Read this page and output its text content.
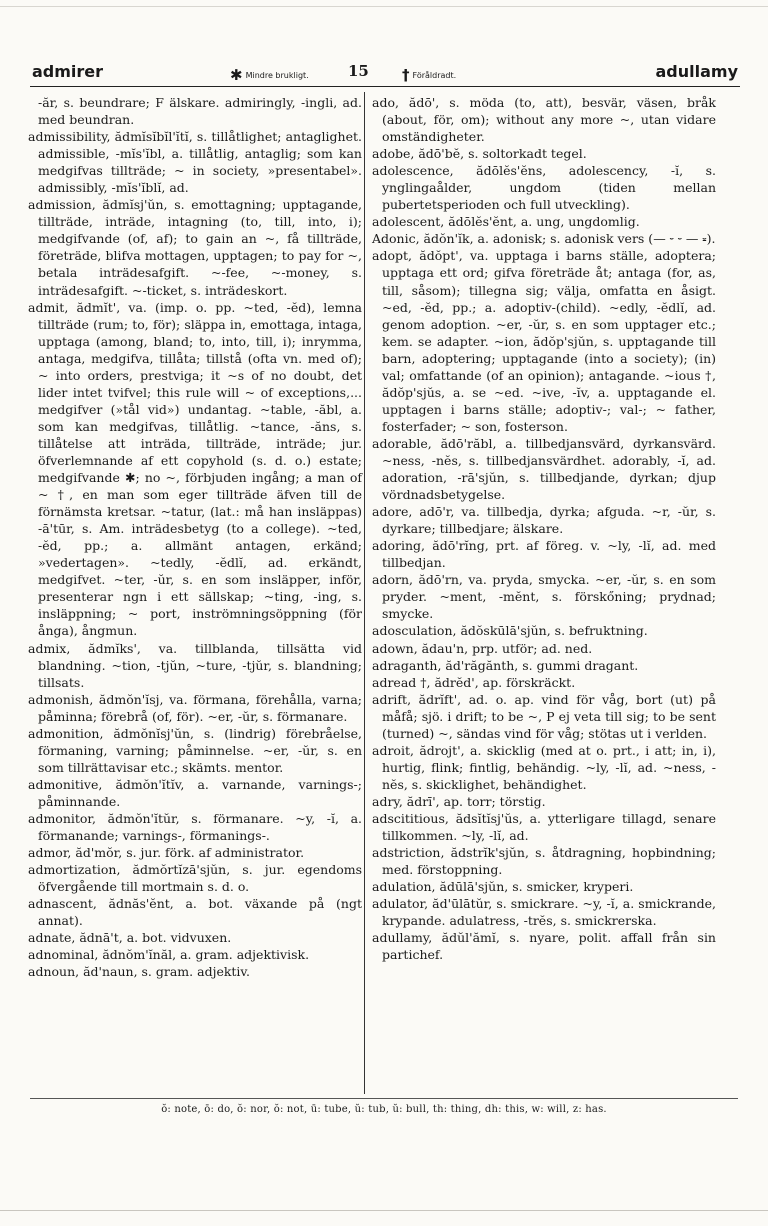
admirer	✱ Mindre brukligt.	15 † Föråldradt.	adullamy

-ăr, s. beundrare; F älskare. admiringly, -ingli, ad. med beundran.

admissibility, ădmĭsĭbĭl'ĭtĭ, s. tillåtlighet; antaglighet. admissible, -mĭs'ĭbl, a. tillåtlig, antaglig; som kan medgifvas tillträde; ~ in society, »presentabel». admissibly, -mĭs'ĭblĭ, ad.

admission, ădmĭsj'ŭn, s. emottagning; upptagande, tillträde, inträde, intagning (to, till, into, i); medgifvande (of, af); to gain an ~, få tillträde, företräde, blifva mottagen, upptagen; to pay for ~, betala inträdesafgift. ~-fee, ~-money, s. inträdesafgift. ~-ticket, s. inträdeskort.

admit, ădmĭt', va. (imp. o. pp. ~ted, -ĕd), lemna tillträde (rum; to, för); släppa in, emottaga, intaga, upptaga (among, bland; to, into, till, i); inrymma, antaga, medgifva, tillåta; tillstå (ofta vn. med of); ~ into orders, prestviga; it ~s of no doubt, det lider intet tvifvel; this rule will ~ of exceptions,... medgifver (»tål vid») undantag. ~table, -ăbl, a. som kan medgifvas, tillåtlig. ~tance, -ăns, s. tillåtelse att inträda, tillträde, inträde; jur. öfverlemnande af ett copyhold (s. d. o.) estate; medgifvande ✱; no ~, förbjuden ingång; a man of ~ †, en man som eger tillträde äfven till de förnämsta kretsar. ~tatur, (lat.: må han insläppas) -ā'tūr, s. Am. inträdesbetyg (to a college). ~ted, -ĕd, pp.; a. allmänt antagen, erkänd; »vedertagen». ~tedly, -ĕdlĭ, ad. erkändt, medgifvet. ~ter, -ŭr, s. en som insläpper, inför, presenterar ngn i ett sällskap; ~ting, -ing, s. insläppning; ~ port, inströmningsöppning (för ånga), ångmun.

admix, ădmĭks', va. tillblanda, tillsätta vid blandning. ~tion, -tjŭn, ~ture, -tjŭr, s. blandning; tillsats.

admonish, ădmŏn'ĭsj, va. förmana, förehålla, varna; påminna; förebrå (of, för). ~er, -ŭr, s. förmanare.

admonition, ădmŏnĭsj'ŭn, s. (lindrig) förebråelse, förmaning, varning; påminnelse. ~er, -ŭr, s. en som tillrättavisar etc.; skämts. mentor.

admonitive, ădmŏn'ĭtĭv, a. varnande, varnings-; påminnande.

admonitor, ădmŏn'ĭtŭr, s. förmanare. ~y, -ĭ, a. förmanande; varnings-, förmanings-.

admor, ăd'mŏr, s. jur. förk. af administrator.

admortization, ădmŏrtĭzā'sjŭn, s. jur. egendoms öfvergående till mortmain s. d. o.

adnascent, ădnăs'ĕnt, a. bot. växande på (ngt annat).

adnate, ădnā't, a. bot. vidvuxen.

adnominal, ădnŏm'ĭnăl, a. gram. adjektivisk.

adnoun, ăd'naun, s. gram. adjektiv.

ado, ădō', s. möda (to, att), besvär, väsen, bråk (about, för, om); without any more ~, utan vidare omständigheter.

adobe, ădō'bĕ, s. soltorkadt tegel.

adolescence, ădōlĕs'ĕns, adolescency, -ĭ, s. ynglingaålder, ungdom (tiden mellan pubertetsperioden och full utveckling).

adolescent, ădōlĕs'ĕnt, a. ung, ungdomlig.

Adonic, ădŏn'ĭk, a. adonisk; s. adonisk vers (— ⏑ ⏑ — ⏓).

adopt, ădŏpt', va. upptaga i barns ställe, adoptera; upptaga ett ord; gifva företräde åt; antaga (for, as, till, såsom); tillegna sig; välja, omfatta en åsigt. ~ed, -ĕd, pp.; a. adoptiv-(child). ~edly, -ĕdlĭ, ad. genom adoption. ~er, -ŭr, s. en som upptager etc.; kem. se adapter. ~ion, ădŏp'sjŭn, s. upptagande till barn, adoptering; upptagande (into a society); (in) val; omfattande (of an opinion); antagande. ~ious †, ădŏp'sjŭs, a. se ~ed. ~ive, -ĭv, a. upptagande el. upptagen i barns ställe; adoptiv-; val-; ~ father, fosterfader; ~ son, fosterson.

adorable, ădō'răbl, a. tillbedjansvärd, dyrkansvärd. ~ness, -nĕs, s. tillbedjansvärdhet. adorably, -ĭ, ad. adoration, -rā'sjŭn, s. tillbedjande, dyrkan; djup vördnadsbetygelse.

adore, adō'r, va. tillbedja, dyrka; afguda. ~r, -ŭr, s. dyrkare; tillbedjare; älskare.

adoring, ădō'rĭng, prt. af föreg. v. ~ly, -lĭ, ad. med tillbedjan.

adorn, ădō'rn, va. pryda, smycka. ~er, -ŭr, s. en som pryder. ~ment, -mĕnt, s. förskőning; prydnad; smycke.

adosculation, ădŏskūlā'sjŭn, s. befruktning.

adown, ădau'n, prp. utför; ad. ned.

adraganth, ăd'răgănth, s. gummi dragant.

adread †, ădrĕd', ap. förskräckt.

adrift, ădrĭft', ad. o. ap. vind för våg, bort (ut) på måfå; sjö. i drift; to be ~, P ej veta till sig; to be sent (turned) ~, sändas vind för våg; stötas ut i verlden.

adroit, ădrojt', a. skicklig (med at o. prt., i att; in, i), hurtig, flink; fintlig, behändig. ~ly, -lĭ, ad. ~ness, -nĕs, s. skicklighet, behändighet.

adry, ădrī', ap. torr; törstig.

adscititious, ădsĭtĭsj'ŭs, a. ytterligare tillagd, senare tillkommen. ~ly, -lĭ, ad.

adstriction, ădstrĭk'sjŭn, s. åtdragning, hopbindning; med. förstoppning.

adulation, ădūlā'sjŭn, s. smicker, kryperi.

adulator, ăd'ūlātŭr, s. smickrare. ~y, -ĭ, a. smickrande, krypande. adulatress, -trĕs, s. smickrerska.

adullamy, ădŭl'ămĭ, s. nyare, polit. affall från sin partichef.

ŏ: note, ō: do, ŏ: nor, ŏ: not, ū: tube, ŭ: tub, ŭ: bull, th: thing, dh: this, w: will, z: has.
